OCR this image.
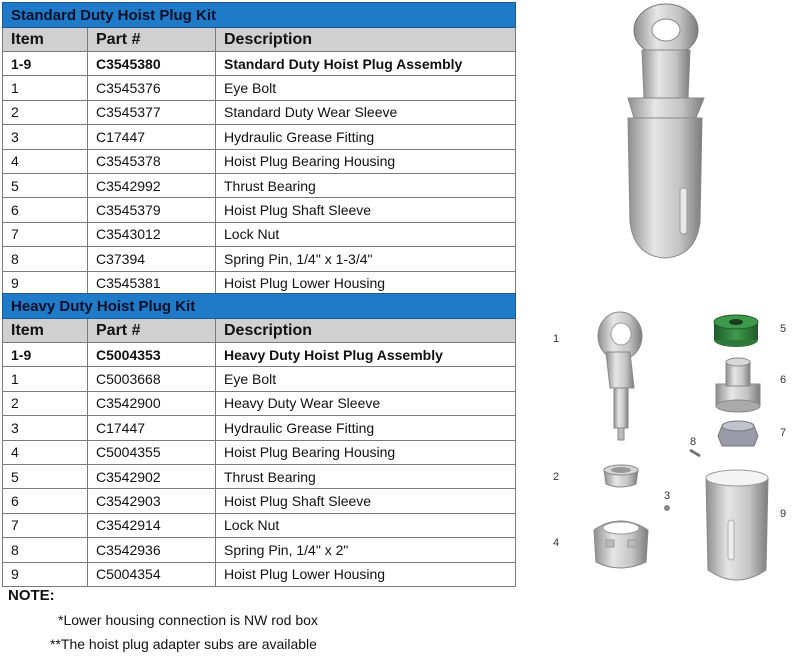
Standard Duty Hoist Plug Kit		
Item	Part #	Description
1-9	C3545380	Standard Duty Hoist Plug Assembly
1	C3545376	Eye Bolt
2	C3545377	Standard Duty Wear Sleeve
3	C17447	Hydraulic Grease Fitting
4	C3545378	Hoist Plug Bearing Housing
5	C3542992	Thrust Bearing
6	C3545379	Hoist Plug Shaft Sleeve
7	C3543012	Lock Nut
8	C37394	Spring Pin, 1/4" x 1-3/4"
9	C3545381	Hoist Plug Lower Housing
Heavy Duty Hoist Plug Kit		
Item	Part #	Description
1-9	C5004353	Heavy Duty Hoist Plug Assembly
1	C5003668	Eye Bolt
2	C3542900	Heavy Duty Wear Sleeve
3	C17447	Hydraulic Grease Fitting
4	C5004355	Hoist Plug Bearing Housing
5	C3542902	Thrust Bearing
6	C3542903	Hoist Plug Shaft Sleeve
7	C3542914	Lock Nut
8	C3542936	Spring Pin, 1/4" x 2"
9	C5004354	Hoist Plug Lower Housing
NOTE:
*Lower housing connection is NW rod box
**The hoist plug adapter subs are available
1
5
6
7
8
2
3
9
4
